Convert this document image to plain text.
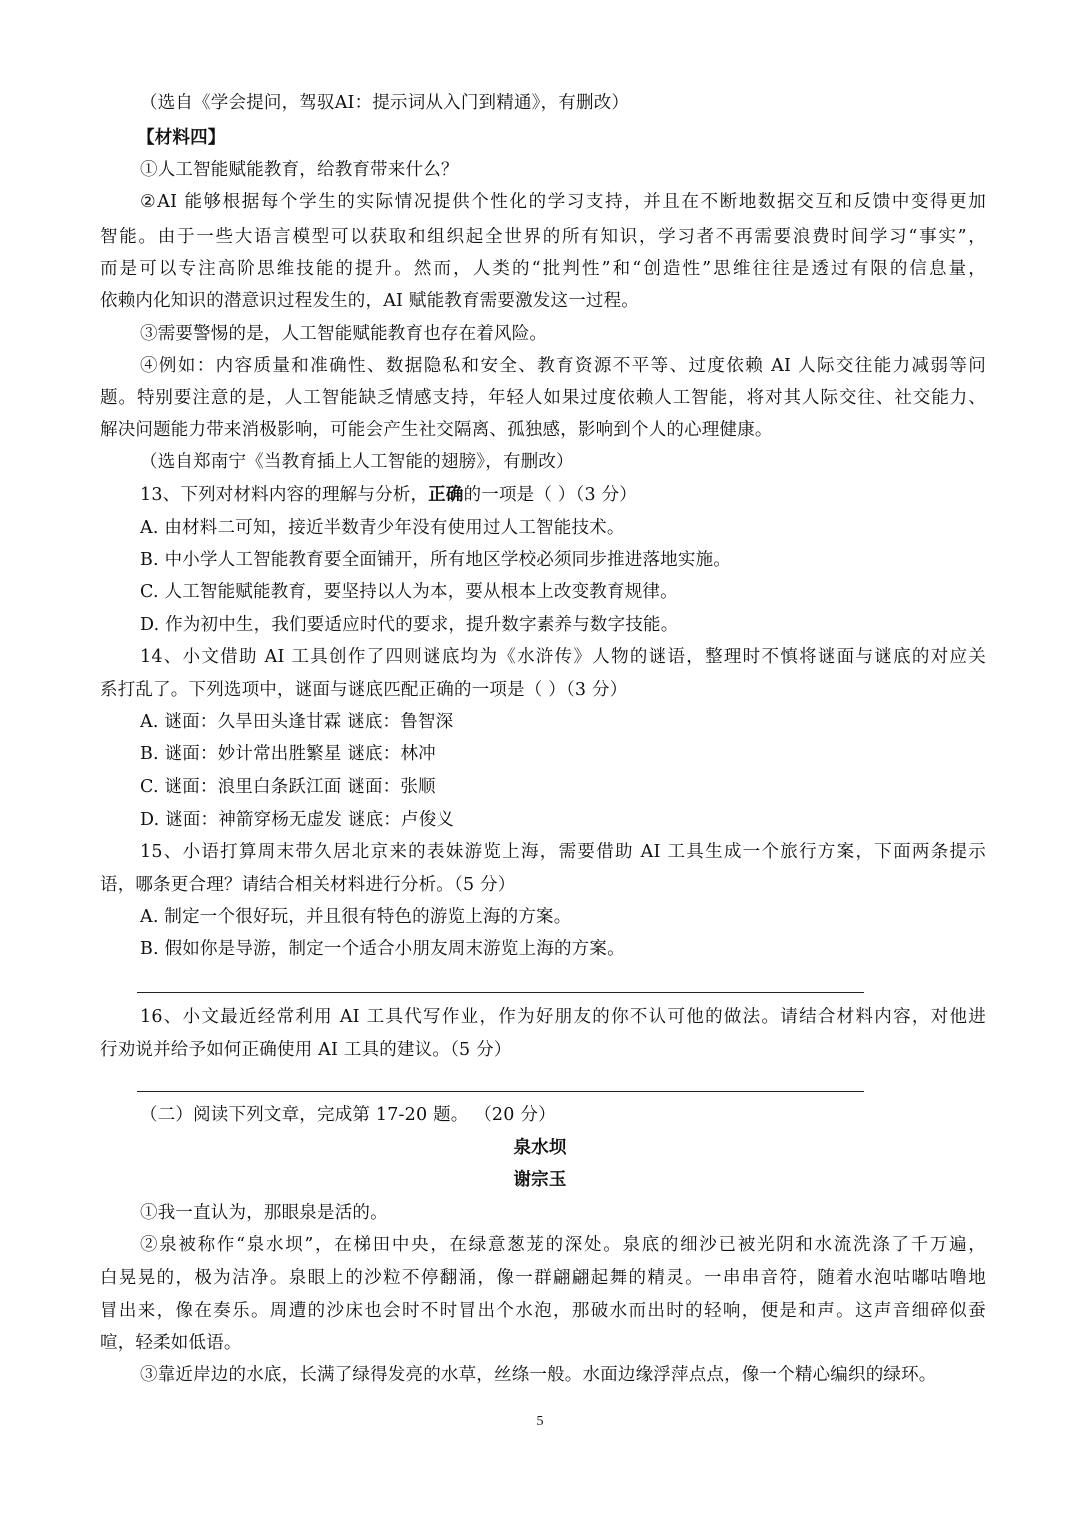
（选自《学会提问，驾驭AI：提示词从入门到精通》，有删改）
【材料四】
①人工智能赋能教育，给教育带来什么？
②AI 能够根据每个学生的实际情况提供个性化的学习支持，并且在不断地数据交互和反馈中变得更加
智能。由于一些大语言模型可以获取和组织起全世界的所有知识，学习者不再需要浪费时间学习“事实”，
而是可以专注高阶思维技能的提升。然而，人类的“批判性”和“创造性”思维往往是透过有限的信息量，
依赖内化知识的潜意识过程发生的，AI 赋能教育需要激发这一过程。
③需要警惕的是，人工智能赋能教育也存在着风险。
④例如：内容质量和准确性、数据隐私和安全、教育资源不平等、过度依赖 AI 人际交往能力减弱等问
题。特别要注意的是，人工智能缺乏情感支持，年轻人如果过度依赖人工智能，将对其人际交往、社交能力、
解决问题能力带来消极影响，可能会产生社交隔离、孤独感，影响到个人的心理健康。
（选自郑南宁《当教育插上人工智能的翅膀》，有删改）
13、下列对材料内容的理解与分析，正确的一项是（ ）（3 分）
A. 由材料二可知，接近半数青少年没有使用过人工智能技术。
B. 中小学人工智能教育要全面铺开，所有地区学校必须同步推进落地实施。
C. 人工智能赋能教育，要坚持以人为本，要从根本上改变教育规律。
D. 作为初中生，我们要适应时代的要求，提升数字素养与数字技能。
14、小文借助 AI 工具创作了四则谜底均为《水浒传》人物的谜语，整理时不慎将谜面与谜底的对应关
系打乱了。下列选项中，谜面与谜底匹配正确的一项是（ ）（3 分）
A. 谜面：久旱田头逢甘霖 谜底：鲁智深
B. 谜面：妙计常出胜繁星 谜底：林冲
C. 谜面：浪里白条跃江面 谜面：张顺
D. 谜面：神箭穿杨无虚发 谜底：卢俊义
15、小语打算周末带久居北京来的表妹游览上海，需要借助 AI 工具生成一个旅行方案，下面两条提示
语，哪条更合理？请结合相关材料进行分析。（5 分）
A. 制定一个很好玩，并且很有特色的游览上海的方案。
B. 假如你是导游，制定一个适合小朋友周末游览上海的方案。
16、小文最近经常利用 AI 工具代写作业，作为好朋友的你不认可他的做法。请结合材料内容，对他进
行劝说并给予如何正确使用 AI 工具的建议。（5 分）
（二）阅读下列文章，完成第 17-20 题。 （20 分）
泉水坝
谢宗玉
①我一直认为，那眼泉是活的。
②泉被称作“泉水坝”，在梯田中央，在绿意葱茏的深处。泉底的细沙已被光阴和水流洗涤了千万遍，
白晃晃的，极为洁净。泉眼上的沙粒不停翻涌，像一群翩翩起舞的精灵。一串串音符，随着水泡咕嘟咕噜地
冒出来，像在奏乐。周遭的沙床也会时不时冒出个水泡，那破水而出时的轻响，便是和声。这声音细碎似蚕
喧，轻柔如低语。
③靠近岸边的水底，长满了绿得发亮的水草，丝绦一般。水面边缘浮萍点点，像一个精心编织的绿环。
5
